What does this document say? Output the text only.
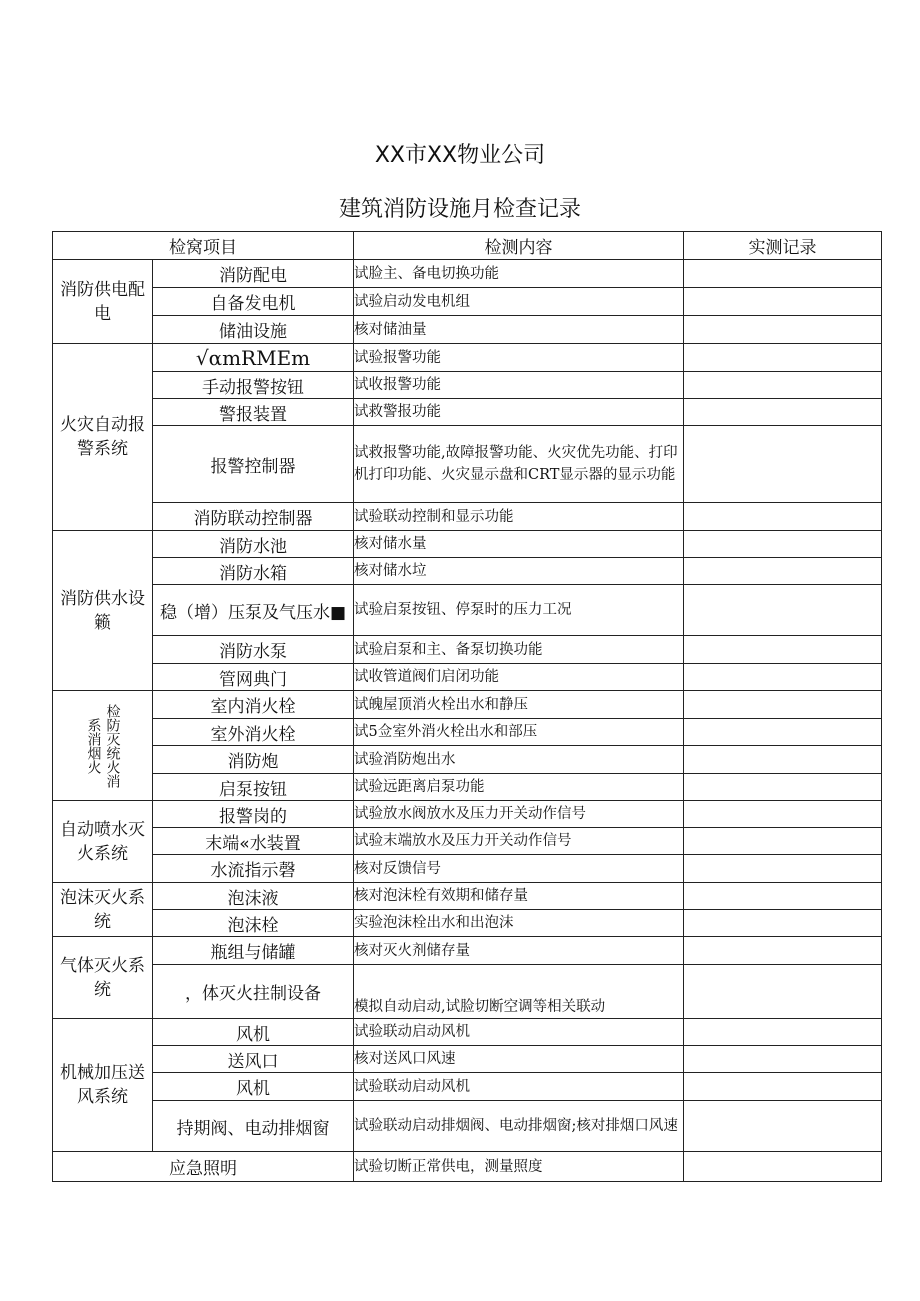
XX市XX物业公司
建筑消防设施月检查记录
检窝项目		检测内容	实测记录
消防供电配电	消防配电	试脸主、备电切换功能	
	自备发电机	试验启动发电机组	
	储油设施	核对储油量	
火灾自动报警系统	√αmRMEm	试验报警功能	
	手动报警按钮	试收报警功能	
	警报装置	试救警报功能	
	报警控制器	试救报警功能,故障报警功能、火灾优先功能、打印机打印功能、火灾显示盘和CRT显示器的显示功能	
	消防联动控制器	试验联动控制和显示功能	
消防供水设籁	消防水池	核对储水量	
	消防水箱	核对储水垃	
	稳（增）压泵及气压水■	试验启泵按钮、停泵时的压力工况	
	消防水泵	试验启泵和主、备泵切换功能	
	管网典门	试收管道阀们启闭功能	

系消烟火 检防灭统火消	室内消火栓	试魄屋顶消火栓出水和静压	
	室外消火栓	试5佥室外消火栓出水和部压	
	消防炮	试验消防炮出水	
	启泵按钮	试验远距离启泵功能	
自动喷水灭火系统	报警岗的	试验放水阀放水及压力开关动作信号	
	末端«水装置	试验末端放水及压力开关动作信号	
	水流指示磬	核对反馈信号	
泡沫灭火系统	泡沫液	核对泡沫栓有效期和储存量	
	泡沫栓	实验泡沫栓出水和出泡沫	
气体灭火系统	瓶组与储罐	核对灭火剂储存量	
	，体灭火拄制设备	模拟自动启动,试脸切断空调等相关联动	
机械加压送风系统	风机	试验联动启动风机	
	送风口	核对送风口风速	
	风机	试验联动启动风机	
	持期阀、电动排烟窗	试验联动启动排烟阀、电动排烟窗;核对排烟口风速	
应急照明		试验切断正常供电，测量照度	
